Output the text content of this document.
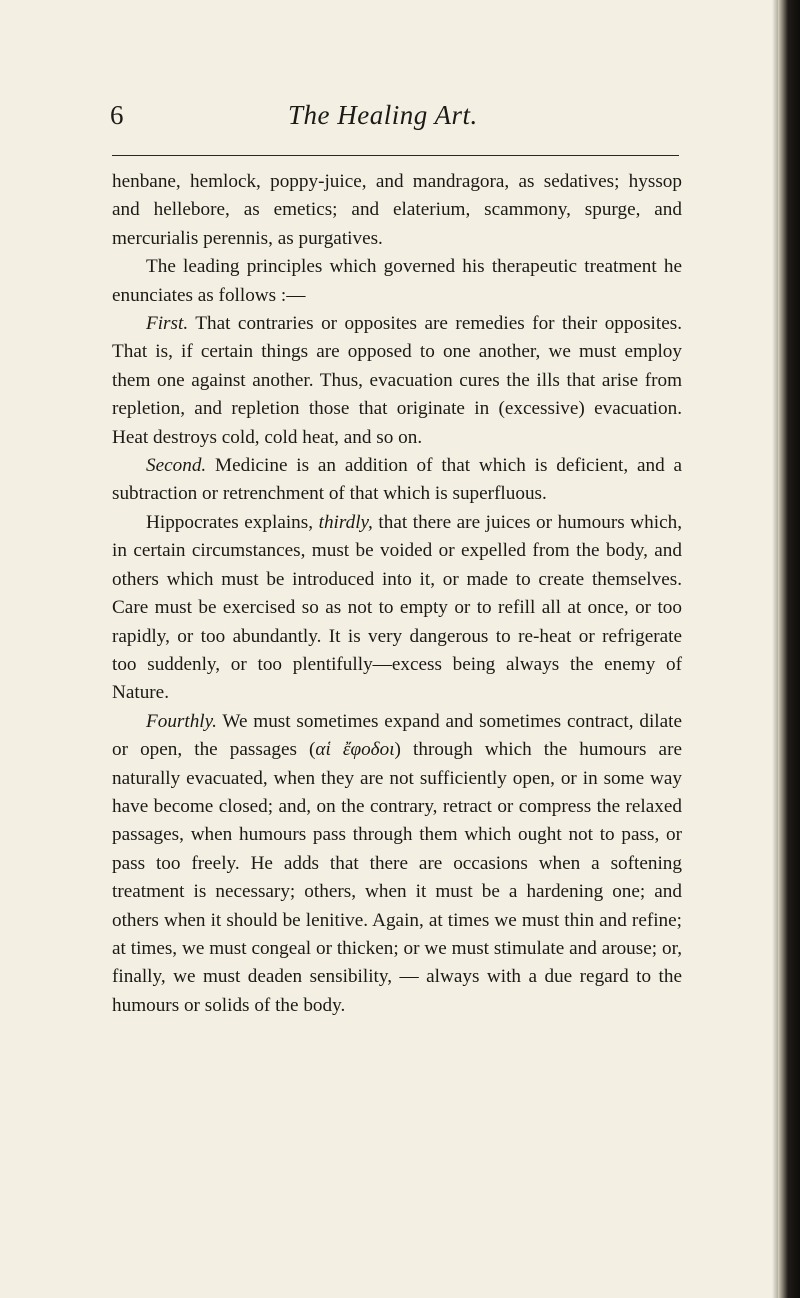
6	The Healing Art.

henbane, hemlock, poppy-juice, and mandragora, as sedatives; hyssop and hellebore, as emetics; and elaterium, scammony, spurge, and mercurialis perennis, as purgatives.

The leading principles which governed his therapeutic treatment he enunciates as follows :—

First. That contraries or opposites are remedies for their opposites. That is, if certain things are opposed to one another, we must employ them one against another. Thus, evacuation cures the ills that arise from repletion, and repletion those that originate in (excessive) evacuation. Heat destroys cold, cold heat, and so on.

Second. Medicine is an addition of that which is deficient, and a subtraction or retrenchment of that which is superfluous.

Hippocrates explains, thirdly, that there are juices or humours which, in certain circumstances, must be voided or expelled from the body, and others which must be introduced into it, or made to create themselves. Care must be exercised so as not to empty or to refill all at once, or too rapidly, or too abundantly. It is very dangerous to re-heat or refrigerate too suddenly, or too plentifully—excess being always the enemy of Nature.

Fourthly. We must sometimes expand and sometimes contract, dilate or open, the passages (αἱ ἔφοδοι) through which the humours are naturally evacuated, when they are not sufficiently open, or in some way have become closed; and, on the contrary, retract or compress the relaxed passages, when humours pass through them which ought not to pass, or pass too freely. He adds that there are occasions when a softening treatment is necessary; others, when it must be a hardening one; and others when it should be lenitive. Again, at times we must thin and refine; at times, we must congeal or thicken; or we must stimulate and arouse; or, finally, we must deaden sensibility, — always with a due regard to the humours or solids of the body.
